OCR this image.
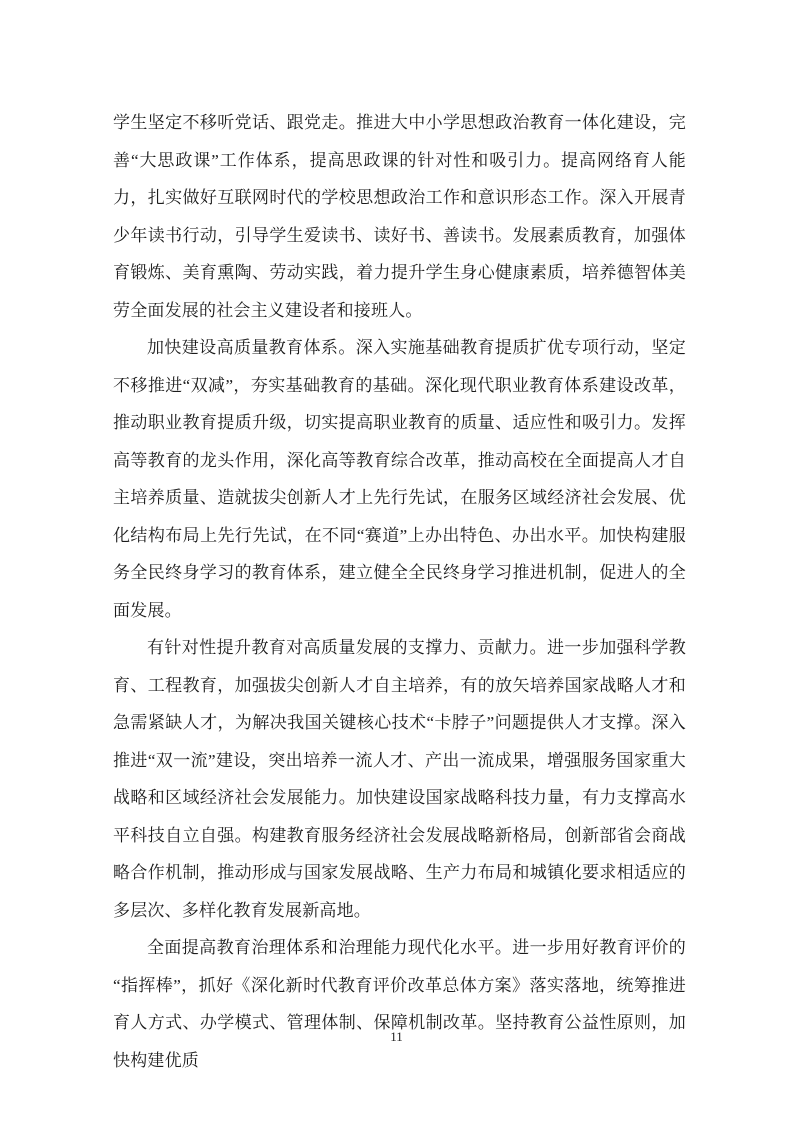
学生坚定不移听党话、跟党走。推进大中小学思想政治教育一体化建设，完善“大思政课”工作体系，提高思政课的针对性和吸引力。提高网络育人能力，扎实做好互联网时代的学校思想政治工作和意识形态工作。深入开展青少年读书行动，引导学生爱读书、读好书、善读书。发展素质教育，加强体育锻炼、美育熏陶、劳动实践，着力提升学生身心健康素质，培养德智体美劳全面发展的社会主义建设者和接班人。

加快建设高质量教育体系。深入实施基础教育提质扩优专项行动，坚定不移推进“双减”，夯实基础教育的基础。深化现代职业教育体系建设改革，推动职业教育提质升级，切实提高职业教育的质量、适应性和吸引力。发挥高等教育的龙头作用，深化高等教育综合改革，推动高校在全面提高人才自主培养质量、造就拔尖创新人才上先行先试，在服务区域经济社会发展、优化结构布局上先行先试，在不同“赛道”上办出特色、办出水平。加快构建服务全民终身学习的教育体系，建立健全全民终身学习推进机制，促进人的全面发展。

有针对性提升教育对高质量发展的支撑力、贡献力。进一步加强科学教育、工程教育，加强拔尖创新人才自主培养，有的放矢培养国家战略人才和急需紧缺人才，为解决我国关键核心技术“卡脖子”问题提供人才支撑。深入推进“双一流”建设，突出培养一流人才、产出一流成果，增强服务国家重大战略和区域经济社会发展能力。加快建设国家战略科技力量，有力支撑高水平科技自立自强。构建教育服务经济社会发展战略新格局，创新部省会商战略合作机制，推动形成与国家发展战略、生产力布局和城镇化要求相适应的多层次、多样化教育发展新高地。

全面提高教育治理体系和治理能力现代化水平。进一步用好教育评价的“指挥棒”，抓好《深化新时代教育评价改革总体方案》落实落地，统筹推进育人方式、办学模式、管理体制、保障机制改革。坚持教育公益性原则，加快构建优质

11
